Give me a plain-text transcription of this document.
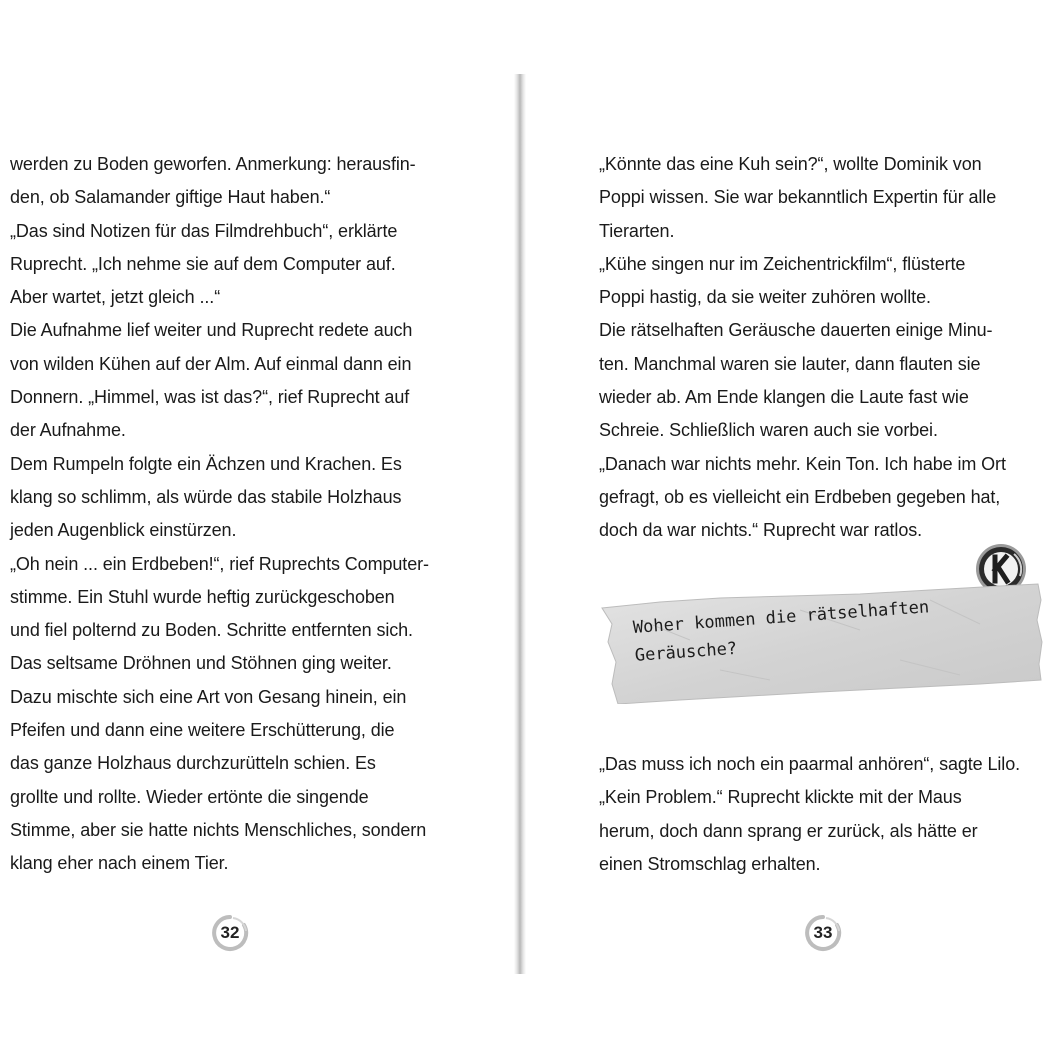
werden zu Boden geworfen. Anmerkung: herausfin-
den, ob Salamander giftige Haut haben.“
„Das sind Notizen für das Filmdrehbuch“, erklärte
Ruprecht. „Ich nehme sie auf dem Computer auf.
Aber wartet, jetzt gleich ...“
Die Aufnahme lief weiter und Ruprecht redete auch
von wilden Kühen auf der Alm. Auf einmal dann ein
Donnern. „Himmel, was ist das?“, rief Ruprecht auf
der Aufnahme.
Dem Rumpeln folgte ein Ächzen und Krachen. Es
klang so schlimm, als würde das stabile Holzhaus
jeden Augenblick einstürzen.
„Oh nein ... ein Erdbeben!“, rief Ruprechts Computer-
stimme. Ein Stuhl wurde heftig zurückgeschoben
und fiel polternd zu Boden. Schritte entfernten sich.
Das seltsame Dröhnen und Stöhnen ging weiter.
Dazu mischte sich eine Art von Gesang hinein, ein
Pfeifen und dann eine weitere Erschütterung, die
das ganze Holzhaus durchzurütteln schien. Es
grollte und rollte. Wieder ertönte die singende
Stimme, aber sie hatte nichts Menschliches, sondern
klang eher nach einem Tier.
32
„Könnte das eine Kuh sein?“, wollte Dominik von
Poppi wissen. Sie war bekanntlich Expertin für alle
Tierarten.
„Kühe singen nur im Zeichentrickfilm“, flüsterte
Poppi hastig, da sie weiter zuhören wollte.
Die rätselhaften Geräusche dauerten einige Minu-
ten. Manchmal waren sie lauter, dann flauten sie
wieder ab. Am Ende klangen die Laute fast wie
Schreie. Schließlich waren auch sie vorbei.
„Danach war nichts mehr. Kein Ton. Ich habe im Ort
gefragt, ob es vielleicht ein Erdbeben gegeben hat,
doch da war nichts.“ Ruprecht war ratlos.
Woher kommen die rätselhaften
Geräusche?
„Das muss ich noch ein paarmal anhören“, sagte Lilo.
„Kein Problem.“ Ruprecht klickte mit der Maus
herum, doch dann sprang er zurück, als hätte er
einen Stromschlag erhalten.
33
